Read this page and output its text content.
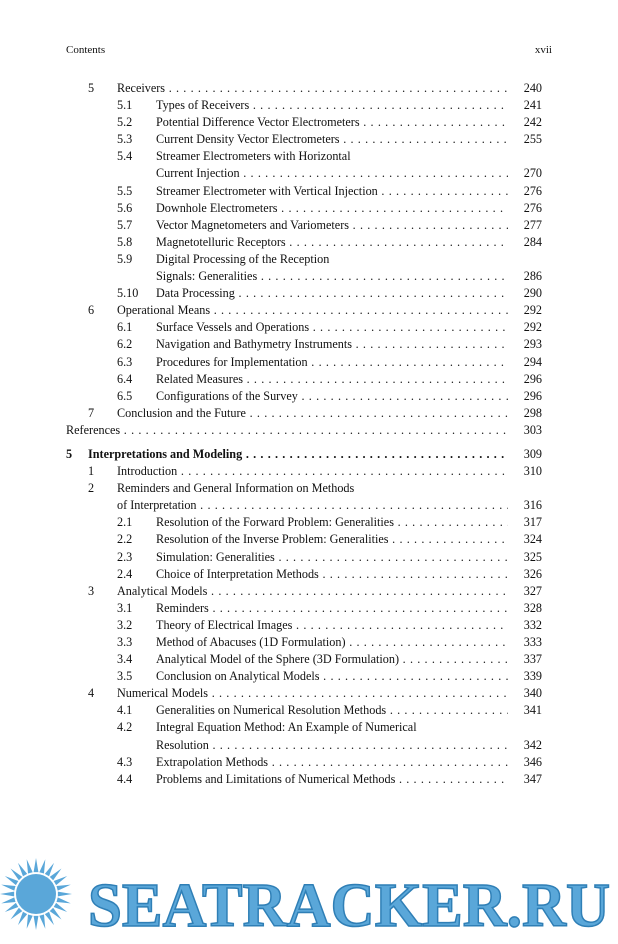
Contents	xvii
5 Receivers . . .	240
5.1 Types of Receivers . . .	241
5.2 Potential Difference Vector Electrometers . . .	242
5.3 Current Density Vector Electrometers . . .	255
5.4 Streamer Electrometers with Horizontal
Current Injection . . .	270
5.5 Streamer Electrometer with Vertical Injection . . .	276
5.6 Downhole Electrometers . . .	276
5.7 Vector Magnetometers and Variometers . . .	277
5.8 Magnetotelluric Receptors . . .	284
5.9 Digital Processing of the Reception
Signals: Generalities . . .	286
5.10 Data Processing . . .	290
6 Operational Means . . .	292
6.1 Surface Vessels and Operations . . .	292
6.2 Navigation and Bathymetry Instruments . . .	293
6.3 Procedures for Implementation . . .	294
6.4 Related Measures . . .	296
6.5 Configurations of the Survey . . .	296
7 Conclusion and the Future . . .	298
References . . .	303
5 Interpretations and Modeling . . .	309
1 Introduction . . .	310
2 Reminders and General Information on Methods
of Interpretation . . .	316
2.1 Resolution of the Forward Problem: Generalities . . .	317
2.2 Resolution of the Inverse Problem: Generalities . . .	324
2.3 Simulation: Generalities . . .	325
2.4 Choice of Interpretation Methods . . .	326
3 Analytical Models . . .	327
3.1 Reminders . . .	328
3.2 Theory of Electrical Images . . .	332
3.3 Method of Abacuses (1D Formulation) . . .	333
3.4 Analytical Model of the Sphere (3D Formulation) . . .	337
3.5 Conclusion on Analytical Models . . .	339
4 Numerical Models . . .	340
4.1 Generalities on Numerical Resolution Methods . . .	341
4.2 Integral Equation Method: An Example of Numerical
Resolution . . .	342
4.3 Extrapolation Methods . . .	346
4.4 Problems and Limitations of Numerical Methods . . .	347
SEATRACKER.RU
